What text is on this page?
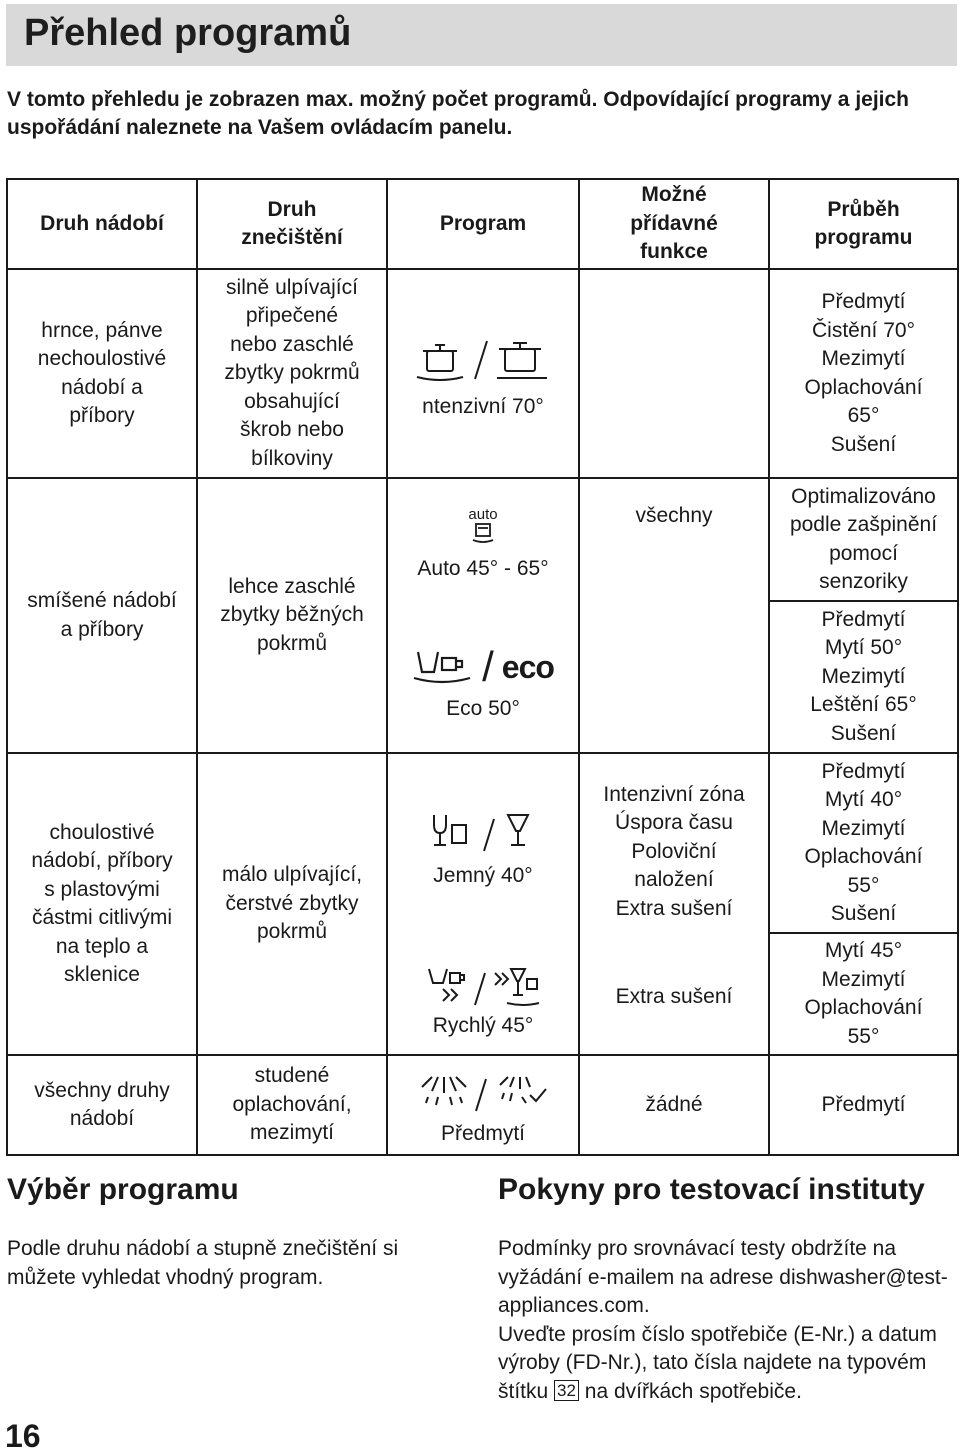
Přehled programů
V tomto přehledu je zobrazen max. možný počet programů. Odpovídající programy a jejich uspořádání naleznete na Vašem ovládacím panelu.
Druh nádobí
Druh
znečištění
Program
Možné
přídavné
funkce
Průběh
programu
hrnce, pánve
nechoulostivé
nádobí a
příbory
silně ulpívající
připečené
nebo zaschlé
zbytky pokrmů
obsahující
škrob nebo
bílkoviny
ntenzivní 70°
Předmytí
Čistění 70°
Mezimytí
Oplachování
65°
Sušení
smíšené nádobí
a příbory
lehce zaschlé
zbytky běžných
pokrmů
auto
Auto 45° - 65°
/ eco
Eco 50°
všechny
Optimalizováno
podle zašpinění
pomocí
senzoriky
Předmytí
Mytí 50°
Mezimytí
Leštění 65°
Sušení
choulostivé
nádobí, příbory
s plastovými
částmi citlivými
na teplo a
sklenice
málo ulpívající,
čerstvé zbytky
pokrmů
Jemný 40°
Rychlý 45°
Intenzivní zóna
Úspora času
Poloviční
naložení
Extra sušení
Extra sušení
Předmytí
Mytí 40°
Mezimytí
Oplachování
55°
Sušení
Mytí 45°
Mezimytí
Oplachování
55°
všechny druhy
nádobí
studené
oplachování,
mezimytí	Předmytí
žádné	Předmytí
Výběr programu
Podle druhu nádobí a stupně znečištění si můžete vyhledat vhodný program.
Pokyny pro testovací instituty
Podmínky pro srovnávací testy obdržíte na vyžádání e-mailem na adrese dishwasher@test-appliances.com.
Uveďte prosím číslo spotřebiče (E-Nr.) a datum výroby (FD-Nr.), tato čísla najdete na typovém štítku 32 na dvířkách spotřebiče.
16
